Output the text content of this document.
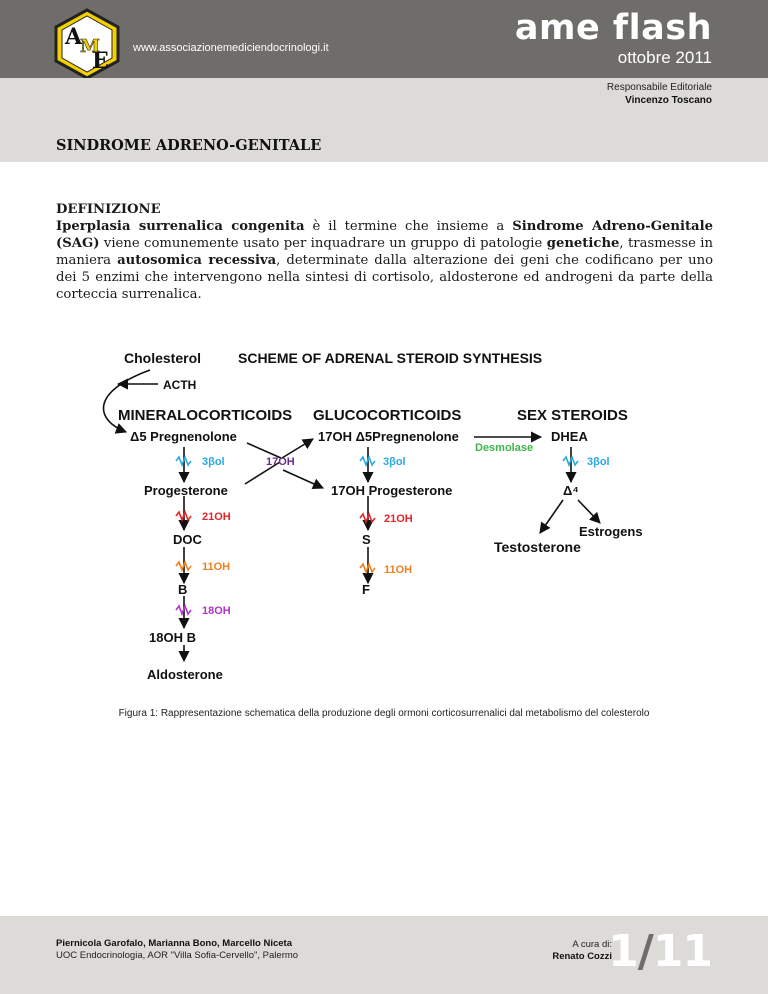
A
M
E www.associazionemediciendocrinologi.it	ame flash
ottobre 2011
Responsabile Editoriale
Vincenzo Toscano
SINDROME ADRENO-GENITALE
DEFINIZIONE
Iperplasia surrenalica congenita è il termine che insieme a Sindrome Adreno-Genitale (SAG) viene comunemente usato per inquadrare un gruppo di patologie genetiche, trasmesse in maniera autosomica recessiva, determinate dalla alterazione dei geni che codificano per uno dei 5 enzimi che intervengono nella sintesi di cortisolo, aldosterone ed androgeni da parte della corteccia surrenalica.
Cholesterol	SCHEME OF ADRENAL STEROID SYNTHESIS
ACTH
MINERALOCORTICOIDS GLUCOCORTICOIDS	SEX STEROIDS
Δ5 Pregnenolone	17OH Δ5Pregnenolone	DHEA
Desmolase
17OH
3βol	3βol	3βol
21OH	21OH
11OH	11OH
18OH
Progesterone	17OH Progesterone	Δ⁴
DOC	S
Estrogens
Testosterone
B	F
18OH B
Aldosterone
Figura 1: Rappresentazione schematica della produzione degli ormoni corticosurrenalici dal metabolismo del colesterolo
Piernicola Garofalo, Marianna Bono, Marcello Niceta
UOC Endocrinologia, AOR "Villa Sofia-Cervello", Palermo
A cura di:
Renato Cozzi
1/11
